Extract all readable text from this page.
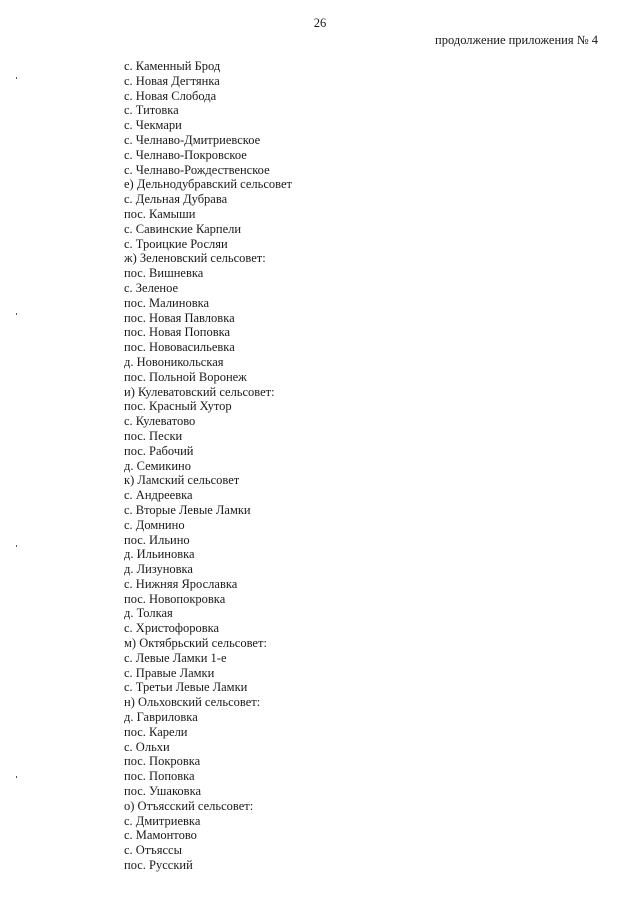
26
продолжение приложения № 4
с. Каменный Брод
с. Новая Дегтянка
с. Новая Слобода
с. Титовка
с. Чекмари
с. Челнаво-Дмитриевское
с. Челнаво-Покровское
с. Челнаво-Рождественское
е) Дельнодубравский сельсовет
с. Дельная Дубрава
пос. Камыши
с. Савинские Карпели
с. Троицкие Росляи
ж) Зеленовский сельсовет:
пос. Вишневка
с. Зеленое
пос. Малиновка
пос. Новая Павловка
пос. Новая Поповка
пос. Нововасильевка
д. Новоникольская
пос. Польной Воронеж
и) Кулеватовский сельсовет:
пос. Красный Хутор
с. Кулеватово
пос. Пески
пос. Рабочий
д. Семикино
к) Ламский сельсовет
с. Андреевка
с. Вторые Левые Ламки
с. Домнино
пос. Ильино
д. Ильиновка
д. Лизуновка
с. Нижняя Ярославка
пос. Новопокровка
д. Толкая
с. Христофоровка
м) Октябрьский сельсовет:
с. Левые Ламки 1-е
с. Правые Ламки
с. Третьи Левые Ламки
н) Ольховский сельсовет:
д. Гавриловка
пос. Карели
с. Ольхи
пос. Покровка
пос. Поповка
пос. Ушаковка
о) Отъясский сельсовет:
с. Дмитриевка
с. Мамонтово
с. Отъяссы
пос. Русский
